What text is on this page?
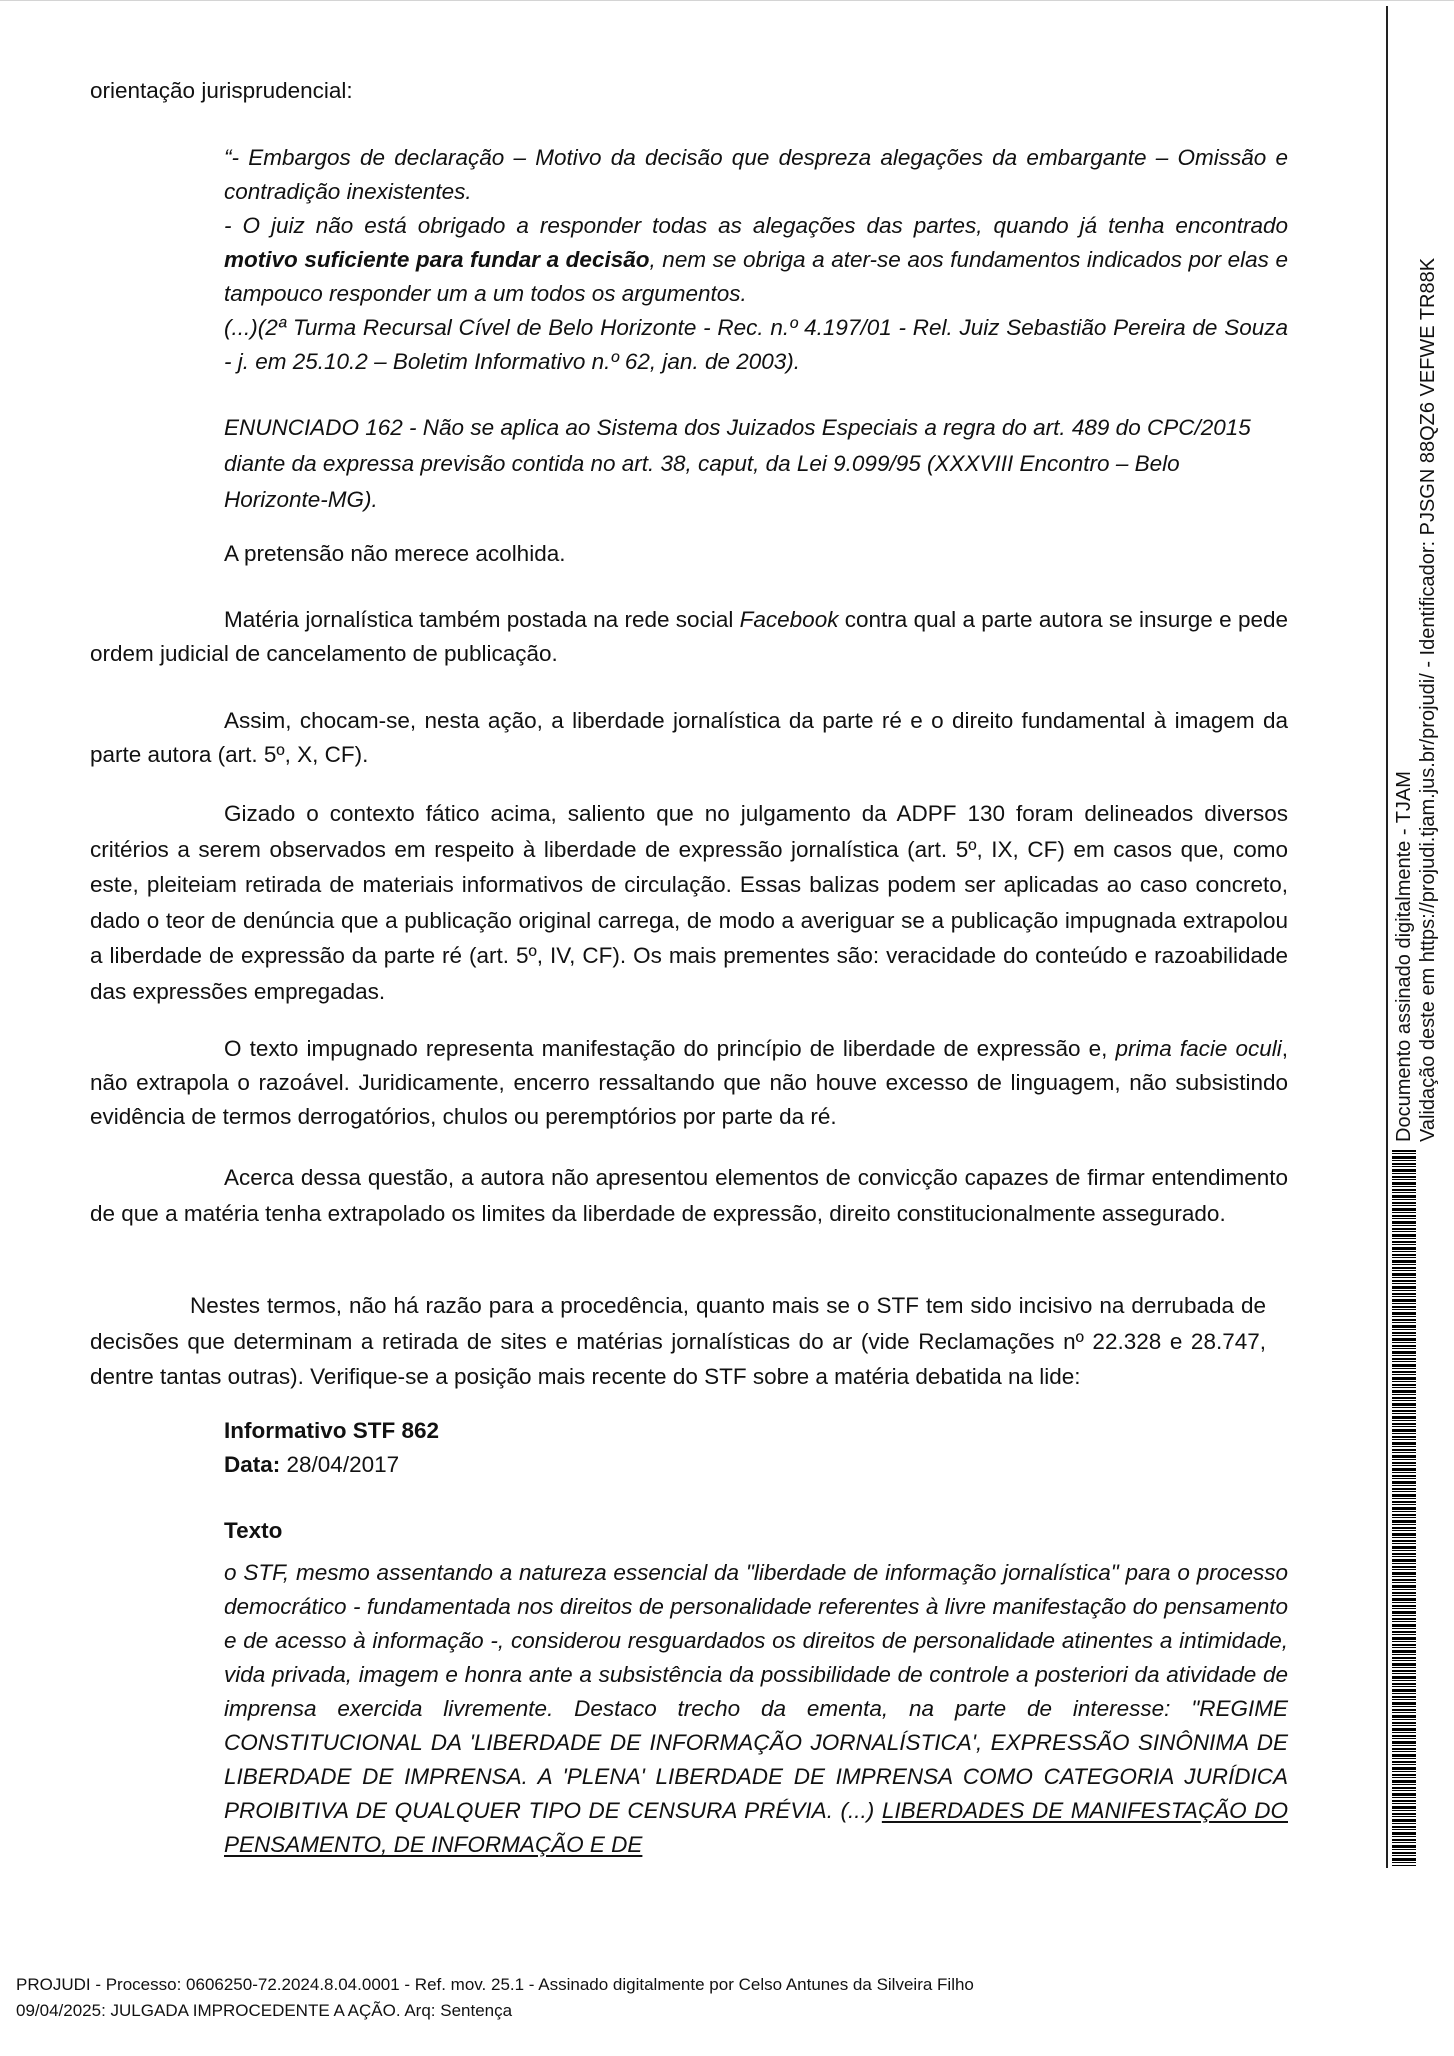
orientação jurisprudencial:

“- Embargos de declaração – Motivo da decisão que despreza alegações da embargante – Omissão e contradição inexistentes.
- O juiz não está obrigado a responder todas as alegações das partes, quando já tenha encontrado motivo suficiente para fundar a decisão, nem se obriga a ater-se aos fundamentos indicados por elas e tampouco responder um a um todos os argumentos.
(...)(2ª Turma Recursal Cível de Belo Horizonte - Rec. n.º 4.197/01 - Rel. Juiz Sebastião Pereira de Souza - j. em 25.10.2 – Boletim Informativo n.º 62, jan. de 2003).
ENUNCIADO 162 - Não se aplica ao Sistema dos Juizados Especiais a regra do art. 489 do CPC/2015 diante da expressa previsão contida no art. 38, caput, da Lei 9.099/95 (XXXVIII Encontro – Belo Horizonte-MG).
A pretensão não merece acolhida.

Matéria jornalística também postada na rede social Facebook contra qual a parte autora se insurge e pede ordem judicial de cancelamento de publicação.

Assim, chocam-se, nesta ação, a liberdade jornalística da parte ré e o direito fundamental à imagem da parte autora (art. 5º, X, CF).

Gizado o contexto fático acima, saliento que no julgamento da ADPF 130 foram delineados diversos critérios a serem observados em respeito à liberdade de expressão jornalística (art. 5º, IX, CF) em casos que, como este, pleiteiam retirada de materiais informativos de circulação. Essas balizas podem ser aplicadas ao caso concreto, dado o teor de denúncia que a publicação original carrega, de modo a averiguar se a publicação impugnada extrapolou a liberdade de expressão da parte ré (art. 5º, IV, CF). Os mais prementes são: veracidade do conteúdo e razoabilidade das expressões empregadas.

O texto impugnado representa manifestação do princípio de liberdade de expressão e, prima facie oculi, não extrapola o razoável. Juridicamente, encerro ressaltando que não houve excesso de linguagem, não subsistindo evidência de termos derrogatórios, chulos ou peremptórios por parte da ré.

Acerca dessa questão, a autora não apresentou elementos de convicção capazes de firmar entendimento de que a matéria tenha extrapolado os limites da liberdade de expressão, direito constitucionalmente assegurado.

Nestes termos, não há razão para a procedência, quanto mais se o STF tem sido incisivo na derrubada de decisões que determinam a retirada de sites e matérias jornalísticas do ar (vide Reclamações nº 22.328 e 28.747, dentre tantas outras). Verifique-se a posição mais recente do STF sobre a matéria debatida na lide:

Informativo STF 862
Data: 28/04/2017
Texto
o STF, mesmo assentando a natureza essencial da "liberdade de informação jornalística" para o processo democrático - fundamentada nos direitos de personalidade referentes à livre manifestação do pensamento e de acesso à informação -, considerou resguardados os direitos de personalidade atinentes a intimidade, vida privada, imagem e honra ante a subsistência da possibilidade de controle a posteriori da atividade de imprensa exercida livremente. Destaco trecho da ementa, na parte de interesse: "REGIME CONSTITUCIONAL DA 'LIBERDADE DE INFORMAÇÃO JORNALÍSTICA', EXPRESSÃO SINÔNIMA DE LIBERDADE DE IMPRENSA. A 'PLENA' LIBERDADE DE IMPRENSA COMO CATEGORIA JURÍDICA PROIBITIVA DE QUALQUER TIPO DE CENSURA PRÉVIA. (...) LIBERDADES DE MANIFESTAÇÃO DO PENSAMENTO, DE INFORMAÇÃO E DE
Documento assinado digitalmente - TJAM Validação deste em https://projudi.tjam.jus.br/projudi/ - Identificador: PJSGN 88QZ6 VEFWE TR88K
PROJUDI - Processo: 0606250-72.2024.8.04.0001 - Ref. mov. 25.1 - Assinado digitalmente por Celso Antunes da Silveira Filho
09/04/2025: JULGADA IMPROCEDENTE A AÇÃO. Arq: Sentença
